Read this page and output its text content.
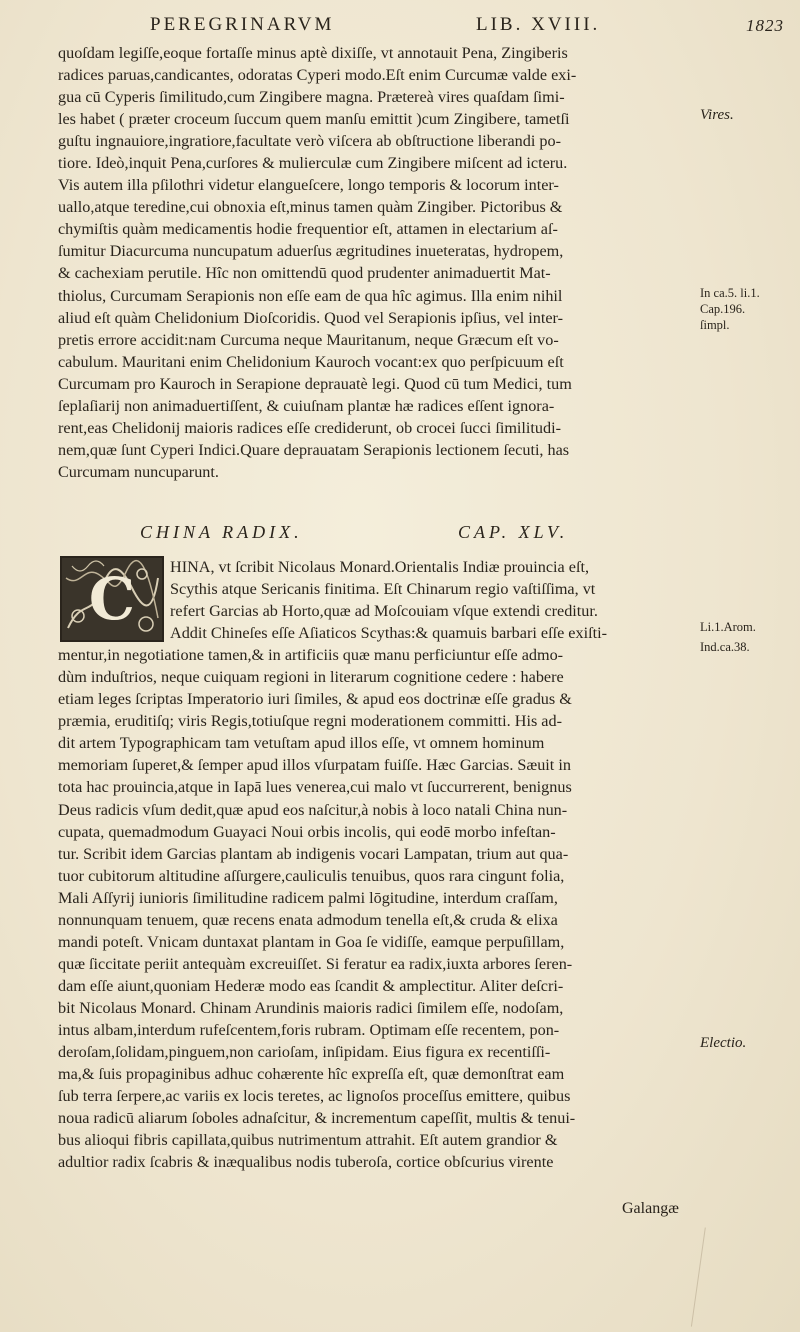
PEREGRINARVM	LIB. XVIII.	1823
quoſdam legiſſe,eoque fortaſſe minus aptè dixiſſe, vt annotauit Pena, Zingiberis
radices paruas,candicantes, odoratas Cyperi modo.Eſt enim Curcumæ valde exi-
gua cū Cyperis ſimilitudo,cum Zingibere magna. Prætereà vires quaſdam ſimi-
les habet ( præter croceum ſuccum quem manſu emittit )cum Zingibere, tametſi
guſtu ingnauiore,ingratiore,facultate verò viſcera ab obſtructione liberandi po-
tiore. Ideò,inquit Pena,curſores & mulierculæ cum Zingibere miſcent ad icteru.
Vis autem illa pſilothri videtur elangueſcere, longo temporis & locorum inter-
uallo,atque teredine,cui obnoxia eſt,minus tamen quàm Zingiber. Pictoribus &
chymiſtis quàm medicamentis hodie frequentior eſt, attamen in electarium aſ-
ſumitur Diacurcuma nuncupatum aduerſus ægritudines inueteratas, hydropem,
& cachexiam perutile. Hîc non omittendū quod prudenter animaduertit Mat-
thiolus, Curcumam Serapionis non eſſe eam de qua hîc agimus. Illa enim nihil
aliud eſt quàm Chelidonium Dioſcoridis. Quod vel Serapionis ipſius, vel inter-
pretis errore accidit:nam Curcuma neque Mauritanum, neque Græcum eſt vo-
cabulum. Mauritani enim Chelidonium Kauroch vocant:ex quo perſpicuum eſt
Curcumam pro Kauroch in Serapione deprauatè legi. Quod cū tum Medici, tum
ſeplaſiarij non animaduertiſſent, & cuiuſnam plantæ hæ radices eſſent ignora-
rent,eas Chelidonij maioris radices eſſe crediderunt, ob crocei ſucci ſimilitudi-
nem,quæ ſunt Cyperi Indici.Quare deprauatam Serapionis lectionem ſecuti, has
Curcumam nuncuparunt.
CHINA RADIX.	CAP. XLV.
HINA, vt ſcribit Nicolaus Monard.Orientalis Indiæ prouincia eſt,
Scythis atque Sericanis finitima. Eſt Chinarum regio vaſtiſſima, vt
refert Garcias ab Horto,quæ ad Moſcouiam vſque extendi creditur.
Addit Chineſes eſſe Aſiaticos Scythas:& quamuis barbari eſſe exiſti-
mentur,in negotiatione tamen,& in artificiis quæ manu perficiuntur eſſe admo-
dùm induſtrios, neque cuiquam regioni in literarum cognitione cedere : habere
etiam leges ſcriptas Imperatorio iuri ſimiles, & apud eos doctrinæ eſſe gradus &
præmia, eruditiſq; viris Regis,totiuſque regni moderationem committi. His ad-
dit artem Typographicam tam vetuſtam apud illos eſſe, vt omnem hominum
memoriam ſuperet,& ſemper apud illos vſurpatam fuiſſe. Hæc Garcias. Sæuit in
tota hac prouincia,atque in Iapā lues venerea,cui malo vt ſuccurrerent, benignus
Deus radicis vſum dedit,quæ apud eos naſcitur,à nobis à loco natali China nun-
cupata, quemadmodum Guayaci Noui orbis incolis, qui eodē morbo infeſtan-
tur. Scribit idem Garcias plantam ab indigenis vocari Lampatan, trium aut qua-
tuor cubitorum altitudine aſſurgere,cauliculis tenuibus, quos rara cingunt folia,
Mali Aſſyrij iunioris ſimilitudine radicem palmi lōgitudine, interdum craſſam,
nonnunquam tenuem, quæ recens enata admodum tenella eſt,& cruda & elixa
mandi poteſt. Vnicam duntaxat plantam in Goa ſe vidiſſe, eamque perpuſillam,
quæ ſiccitate periit antequàm excreuiſſet. Si feratur ea radix,iuxta arbores ſeren-
dam eſſe aiunt,quoniam Hederæ modo eas ſcandit & amplectitur. Aliter deſcri-
bit Nicolaus Monard. Chinam Arundinis maioris radici ſimilem eſſe, nodoſam,
intus albam,interdum rufeſcentem,foris rubram. Optimam eſſe recentem, pon-
deroſam,ſolidam,pinguem,non carioſam, inſipidam. Eius figura ex recentiſſi-
ma,& ſuis propaginibus adhuc cohærente hîc expreſſa eſt, quæ demonſtrat eam
ſub terra ſerpere,ac variis ex locis teretes, ac lignoſos proceſſus emittere, quibus
noua radicū aliarum ſoboles adnaſcitur, & incrementum capeſſit, multis & tenui-
bus alioqui fibris capillata,quibus nutrimentum attrahit. Eſt autem grandior &
adultior radix ſcabris & inæqualibus nodis tuberoſa, cortice obſcurius virente
C
Vires.
In ca.5. li.1.
Cap.196.
ſimpl.
Li.1.Arom.
Ind.ca.38.
Electio.
Galangæ
